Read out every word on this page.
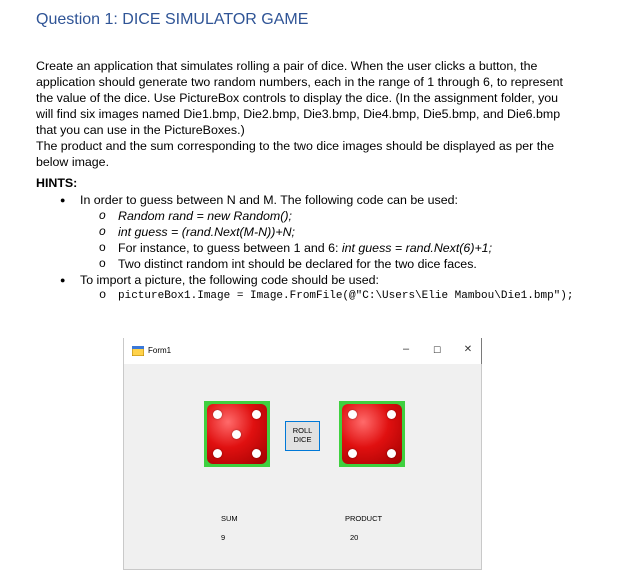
Question 1: DICE SIMULATOR GAME
Create an application that simulates rolling a pair of dice. When the user clicks a button, the
application should generate two random numbers, each in the range of 1 through 6, to represent
the value of the dice. Use PictureBox controls to display the dice. (In the assignment folder, you
will find six images named Die1.bmp, Die2.bmp, Die3.bmp, Die4.bmp, Die5.bmp, and Die6.bmp
that you can use in the PictureBoxes.)
The product and the sum corresponding to the two dice images should be displayed as per the
below image.
HINTS:
● In order to guess between N and M. The following code can be used:
o Random rand = new Random();
o int guess = (rand.Next(M-N))+N;
o For instance, to guess between 1 and 6: int guess = rand.Next(6)+1;
o Two distinct random int should be declared for the two dice faces.
● To import a picture, the following code should be used:
o pictureBox1.Image = Image.FromFile(@"C:\Users\Elie Mambou\Die1.bmp");
Form1	–	☐ ✕
ROLL DICE
SUM
9
PRODUCT
20
